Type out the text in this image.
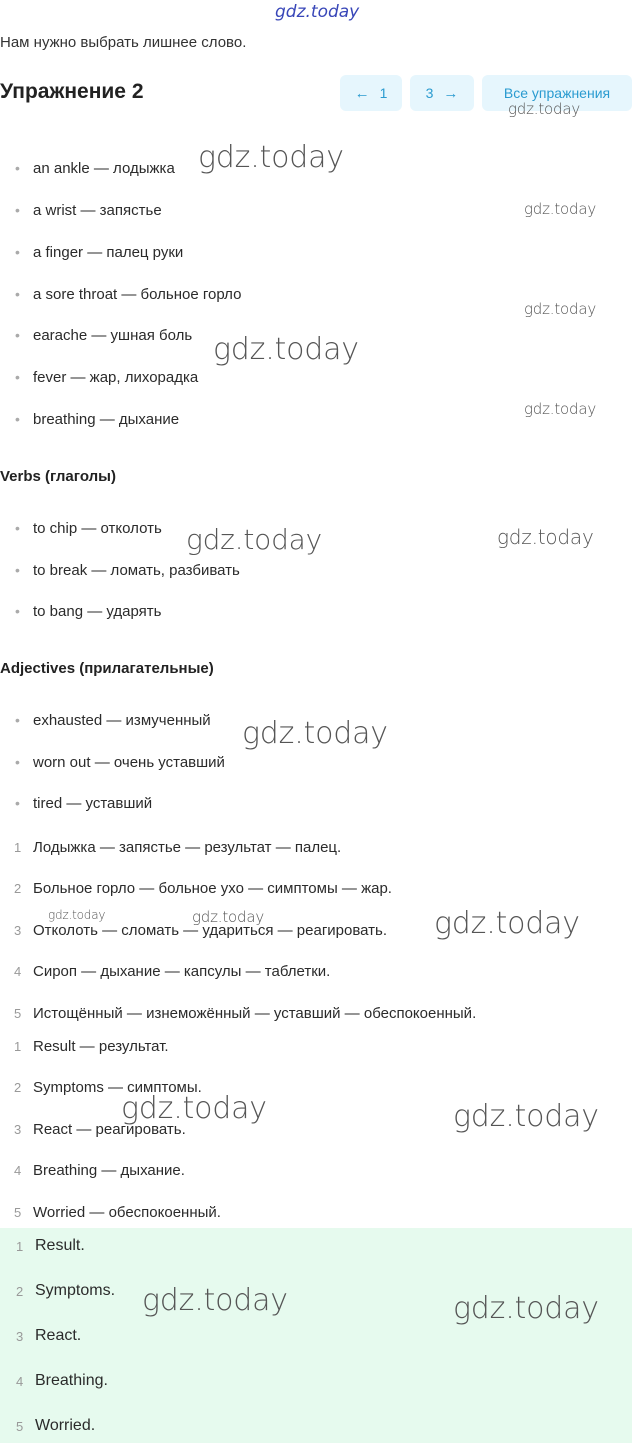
gdz.today
Нам нужно выбрать лишнее слово.
Упражнение 2	← 1	3 →	Все упражнения
• an ankle — лодыжка
• a wrist — запястье
• a finger — палец руки
• a sore throat — больное горло
• earache — ушная боль
• fever — жар, лихорадка
• breathing — дыхание
Verbs (глаголы)
• to chip — отколоть
• to break — ломать, разбивать
• to bang — ударять
Adjectives (прилагательные)
• exhausted — измученный
• worn out — очень уставший
• tired — уставший
1 Лодыжка — запястье — результат — палец.
2 Больное горло — больное ухо — симптомы — жар.
3 Отколоть — сломать — удариться — реагировать.
4 Сироп — дыхание — капсулы — таблетки.
5 Истощённый — изнеможённый — уставший — обеспокоенный.
1 Result — результат.
2 Symptoms — симптомы.
3 React — реагировать.
4 Breathing — дыхание.
5 Worried — обеспокоенный.
1 Result.
2 Symptoms.
3 React.
4 Breathing.
5 Worried.
gdz.today
gdz.today
gdz.today
gdz.today
gdz.today
gdz.today
gdz.today	gdz.today
gdz.today
gdz.today	gdz.today	gdz.today
gdz.today	gdz.today
gdz.today	gdz.today
